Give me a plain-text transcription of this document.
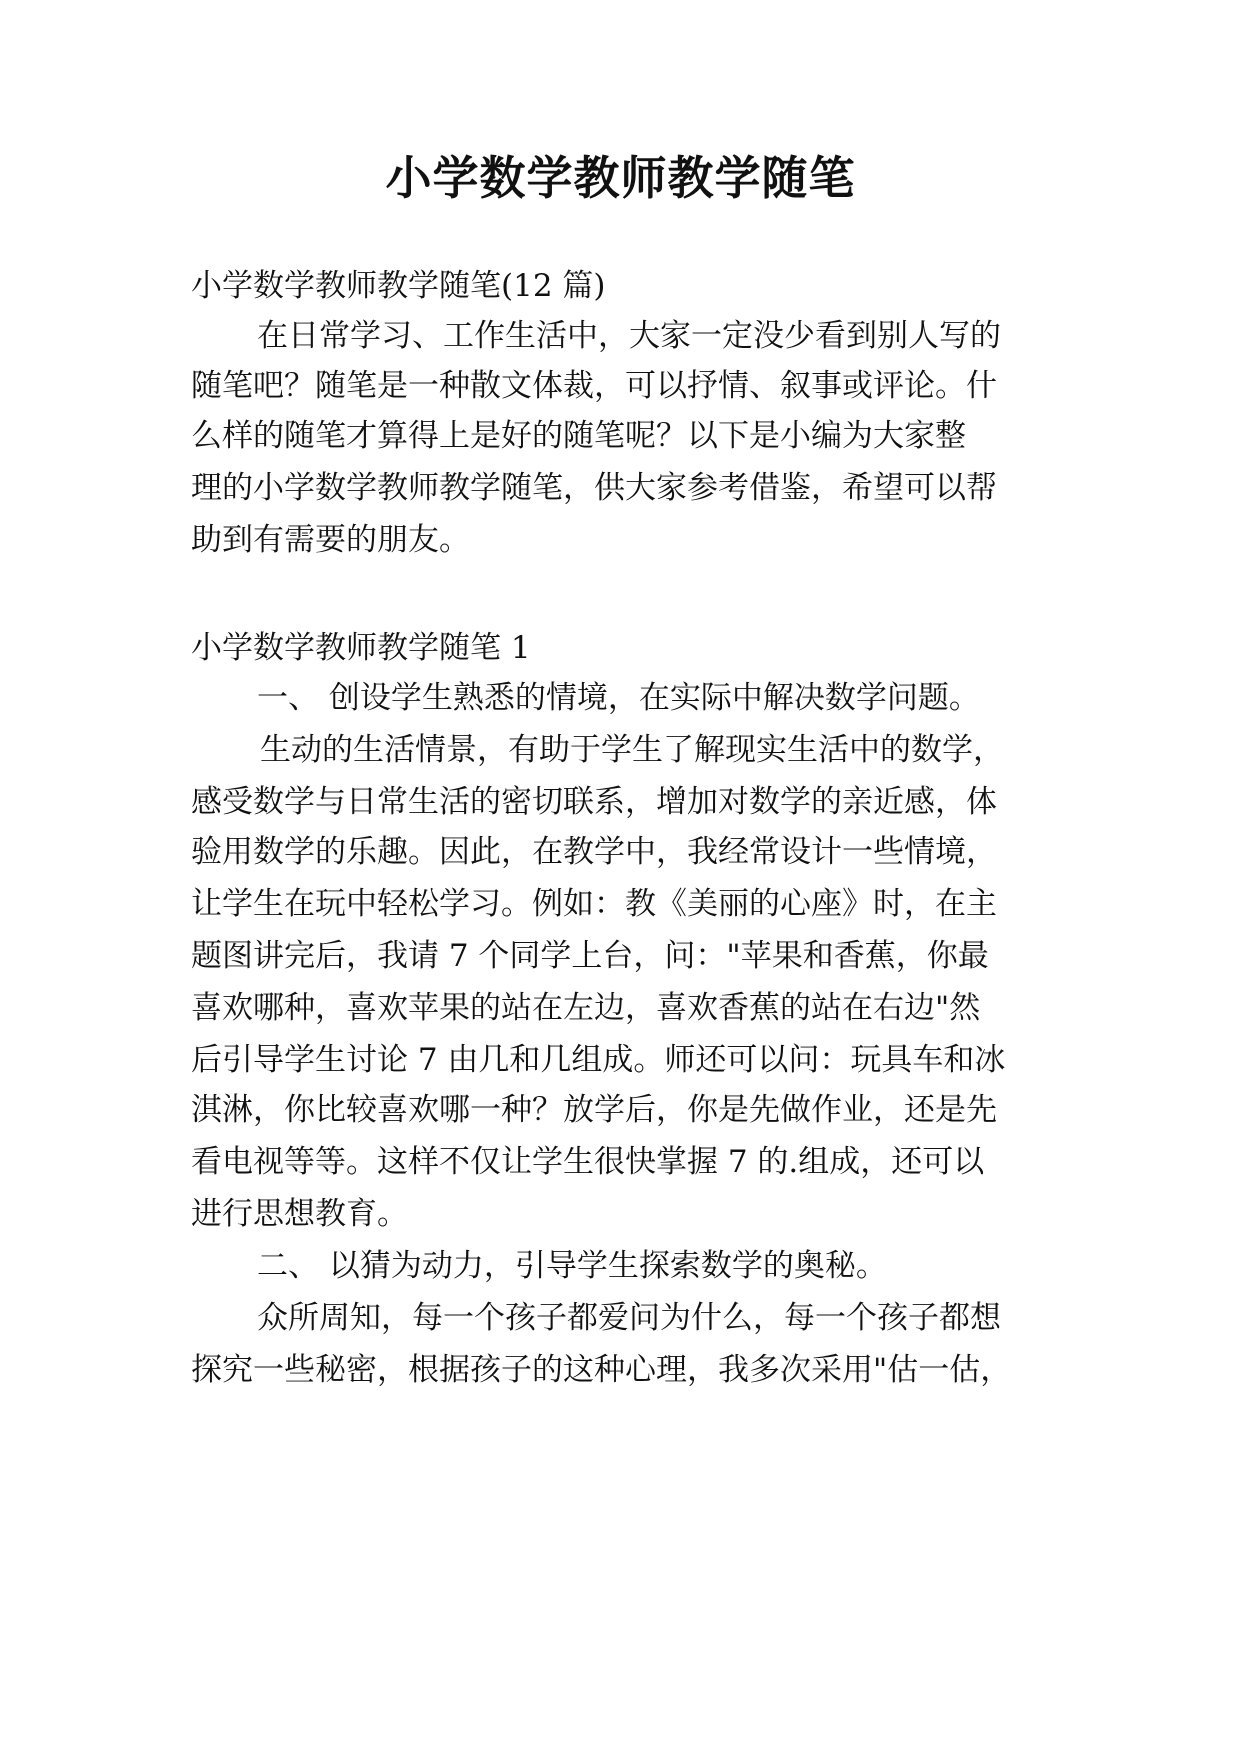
小学数学教师教学随笔

小学数学教师教学随笔(12 篇)

在日常学习、工作生活中，大家一定没少看到别人写的

随笔吧？随笔是一种散文体裁，可以抒情、叙事或评论。什

么样的随笔才算得上是好的随笔呢？以下是小编为大家整

理的小学数学教师教学随笔，供大家参考借鉴，希望可以帮

助到有需要的朋友。

小学数学教师教学随笔 1

一、 创设学生熟悉的情境，在实际中解决数学问题。

生动的生活情景，有助于学生了解现实生活中的数学，

感受数学与日常生活的密切联系，增加对数学的亲近感，体

验用数学的乐趣。因此，在教学中，我经常设计一些情境，

让学生在玩中轻松学习。例如：教《美丽的心座》时，在主

题图讲完后，我请 7 个同学上台，问："苹果和香蕉，你最

喜欢哪种，喜欢苹果的站在左边，喜欢香蕉的站在右边"然

后引导学生讨论 7 由几和几组成。师还可以问：玩具车和冰

淇淋，你比较喜欢哪一种？放学后，你是先做作业，还是先

看电视等等。这样不仅让学生很快掌握 7 的.组成，还可以

进行思想教育。

二、 以猜为动力，引导学生探索数学的奥秘。

众所周知，每一个孩子都爱问为什么，每一个孩子都想

探究一些秘密，根据孩子的这种心理，我多次采用"估一估，
